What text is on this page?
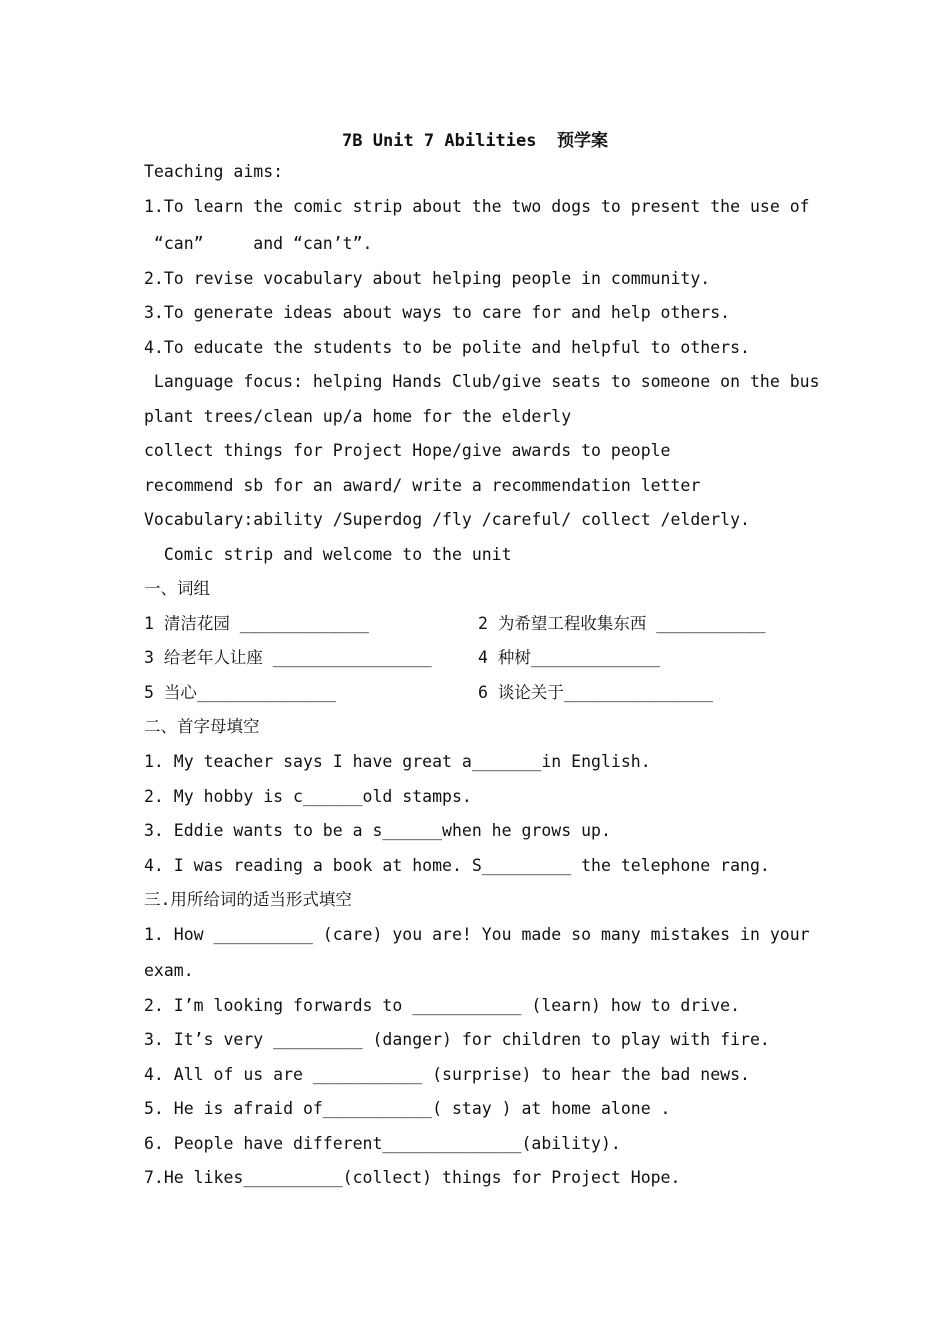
7B Unit 7 Abilities  预学案
Teaching aims:
1.To learn the comic strip about the two dogs to present the use of
“can”     and “can’t”.
2.To revise vocabulary about helping people in community.
3.To generate ideas about ways to care for and help others.
4.To educate the students to be polite and helpful to others.
Language focus: helping Hands Club/give seats to someone on the bus
plant trees/clean up/a home for the elderly
collect things for Project Hope/give awards to people
recommend sb for an award/ write a recommendation letter
Vocabulary:ability /Superdog /fly /careful/ collect /elderly.
Comic strip and welcome to the unit
一、词组
1 清洁花园 _____________	2 为希望工程收集东西 ___________
3 给老年人让座 ________________	4 种树_____________
5 当心______________	6 谈论关于_______________
二、首字母填空
1. My teacher says I have great a_______in English.
2. My hobby is c______old stamps.
3. Eddie wants to be a s______when he grows up.
4. I was reading a book at home. S_________ the telephone rang.
三.用所给词的适当形式填空
1. How __________ (care) you are! You made so many mistakes in your
exam.
2. I’m looking forwards to ___________ (learn) how to drive.
3. It’s very _________ (danger) for children to play with fire.
4. All of us are ___________ (surprise) to hear the bad news.
5. He is afraid of___________( stay ) at home alone .
6. People have different______________(ability).
7.He likes__________(collect) things for Project Hope.
